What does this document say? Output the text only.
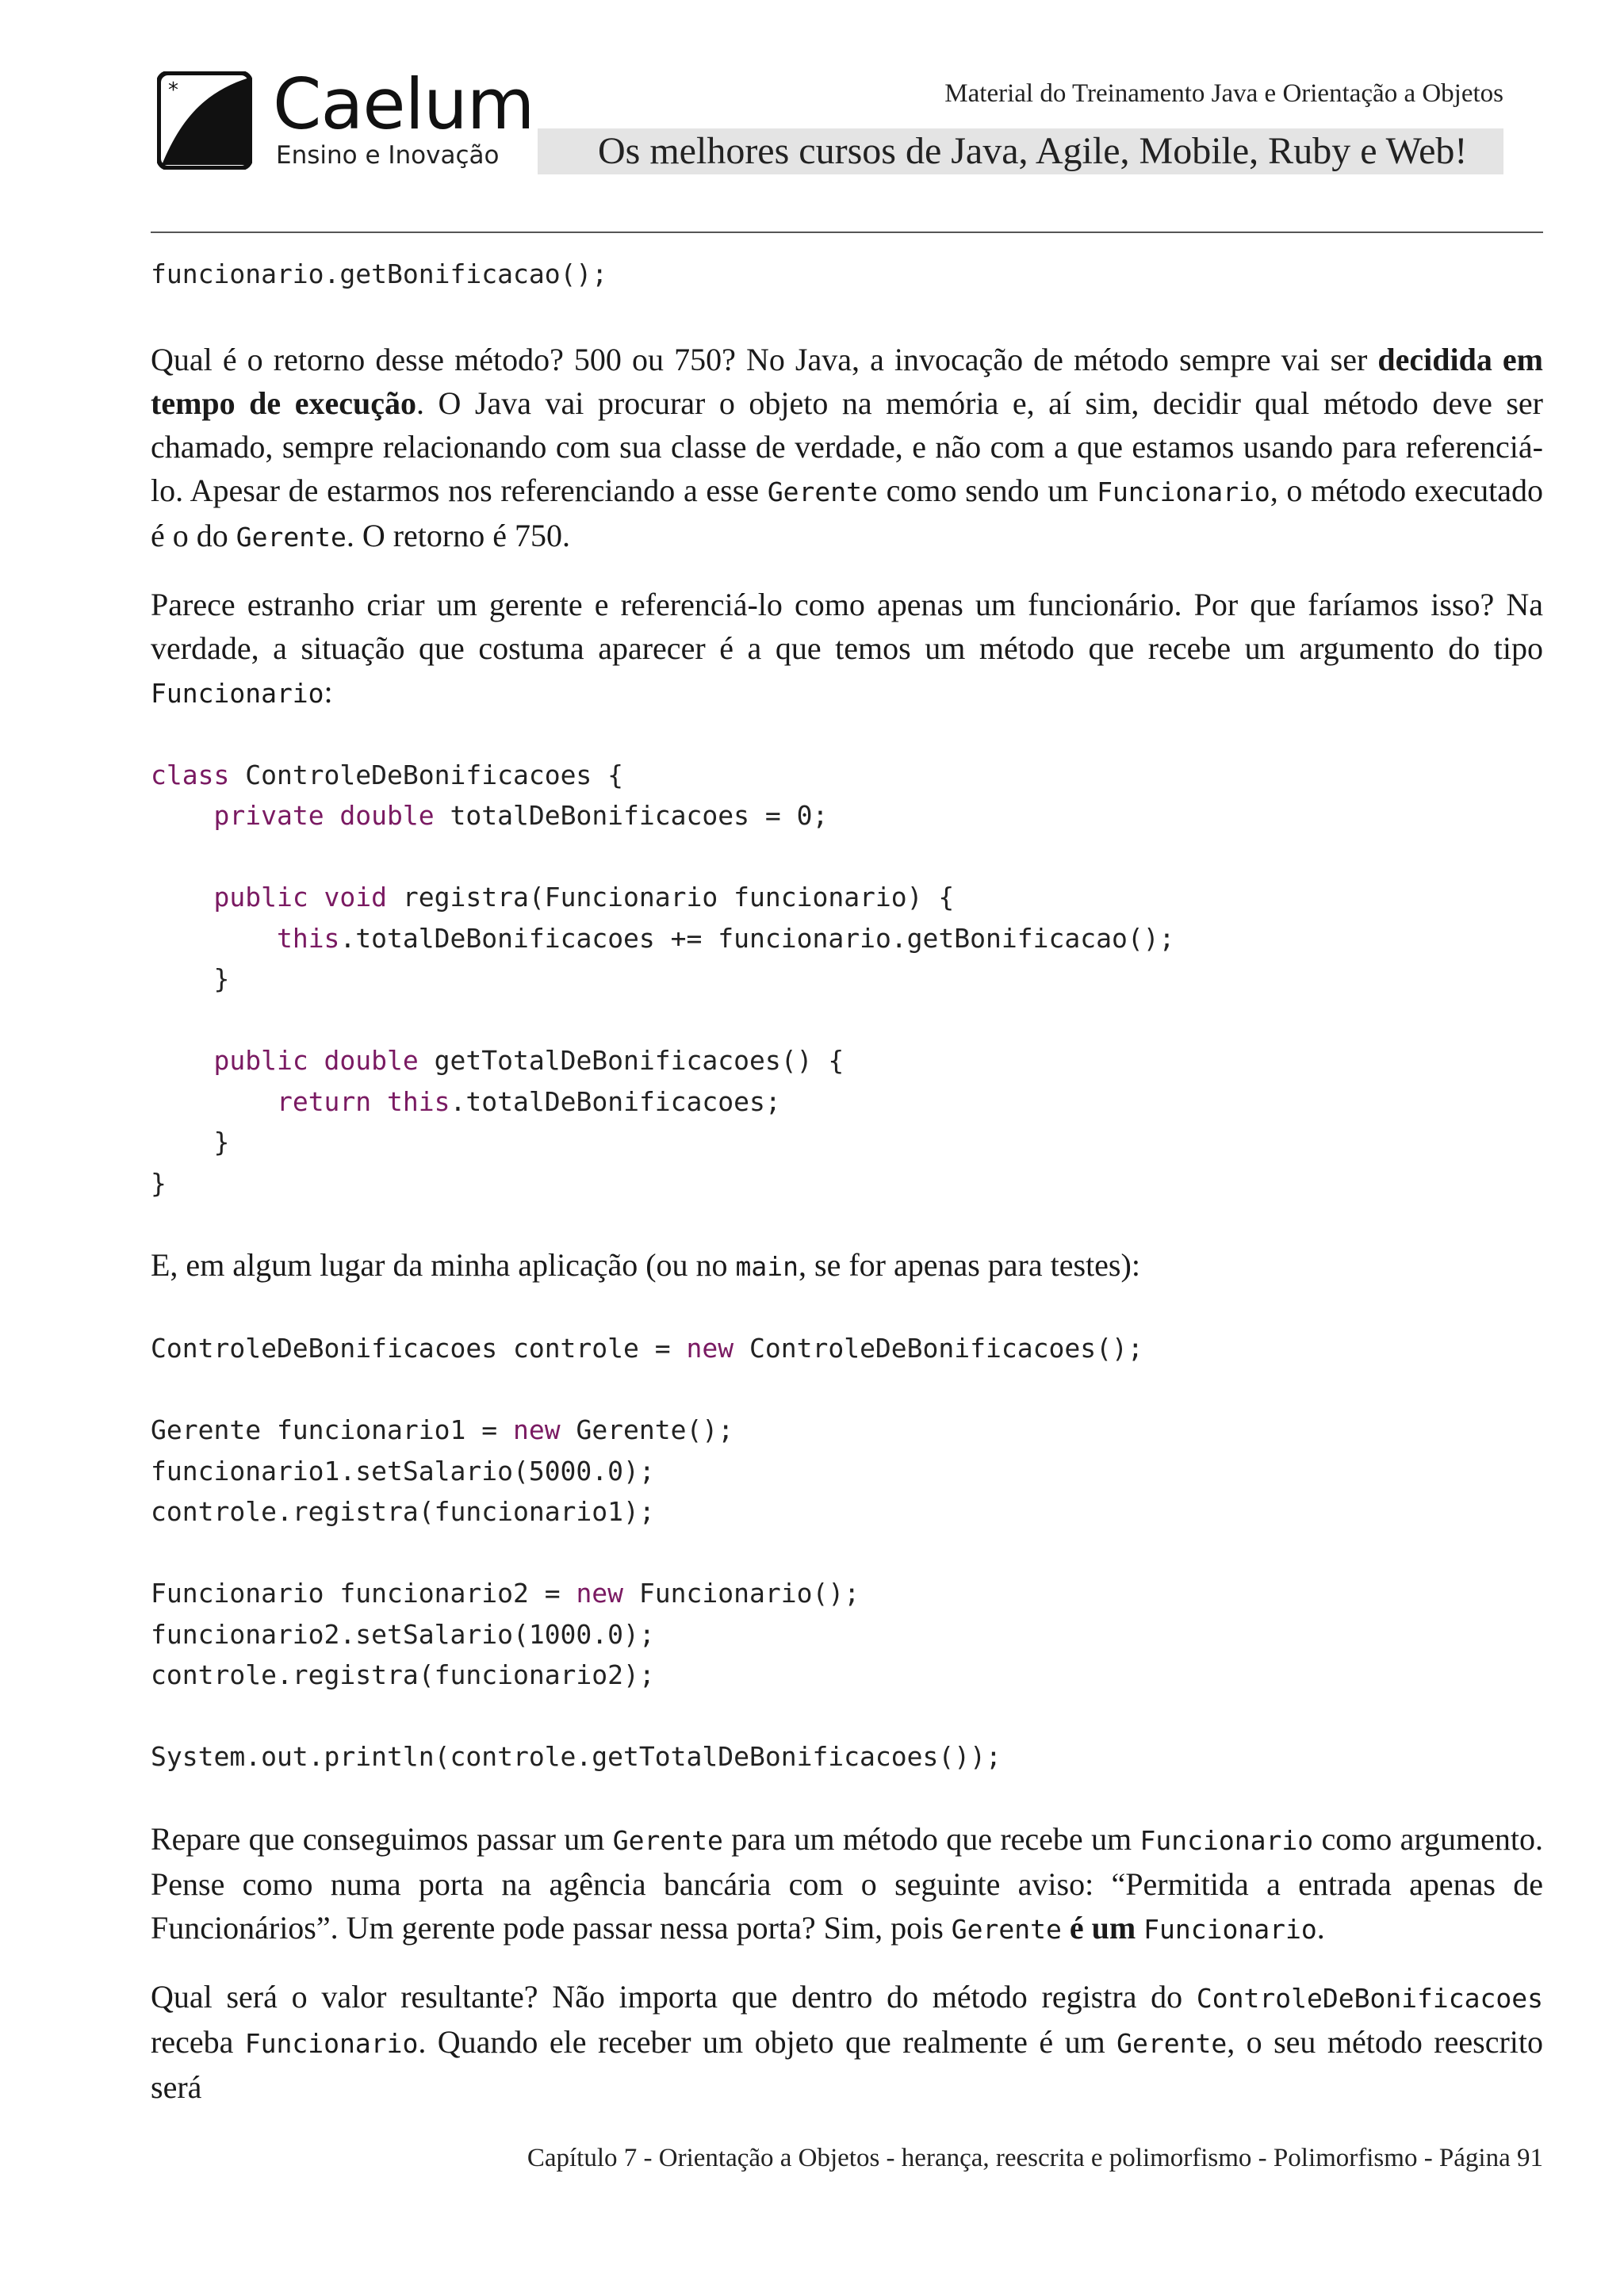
* Caelum
Ensino e Inovação
Material do Treinamento Java e Orientação a Objetos
Os melhores cursos de Java, Agile, Mobile, Ruby e Web!
funcionario.getBonificacao();

Qual é o retorno desse método? 500 ou 750? No Java, a invocação de método sempre vai ser decidida em tempo de execução. O Java vai procurar o objeto na memória e, aí sim, decidir qual método deve ser chamado, sempre relacionando com sua classe de verdade, e não com a que estamos usando para referenciá-lo. Apesar de estarmos nos referenciando a esse Gerente como sendo um Funcionario, o método executado é o do Gerente. O retorno é 750.

Parece estranho criar um gerente e referenciá-lo como apenas um funcionário. Por que faríamos isso? Na verdade, a situação que costuma aparecer é a que temos um método que recebe um argumento do tipo Funcionario:

class ControleDeBonificacoes {
private double totalDeBonificacoes = 0;

public void registra(Funcionario funcionario) {
this.totalDeBonificacoes += funcionario.getBonificacao();
}

public double getTotalDeBonificacoes() {
return this.totalDeBonificacoes;
}
}

E, em algum lugar da minha aplicação (ou no main, se for apenas para testes):

ControleDeBonificacoes controle = new ControleDeBonificacoes();

Gerente funcionario1 = new Gerente();
funcionario1.setSalario(5000.0);
controle.registra(funcionario1);

Funcionario funcionario2 = new Funcionario();
funcionario2.setSalario(1000.0);
controle.registra(funcionario2);

System.out.println(controle.getTotalDeBonificacoes());

Repare que conseguimos passar um Gerente para um método que recebe um Funcionario como argumento. Pense como numa porta na agência bancária com o seguinte aviso: “Permitida a entrada apenas de Funcionários”. Um gerente pode passar nessa porta? Sim, pois Gerente é um Funcionario.

Qual será o valor resultante? Não importa que dentro do método registra do ControleDeBonificacoes receba Funcionario. Quando ele receber um objeto que realmente é um Gerente, o seu método reescrito será

Capítulo 7 - Orientação a Objetos - herança, reescrita e polimorfismo - Polimorfismo - Página 91
